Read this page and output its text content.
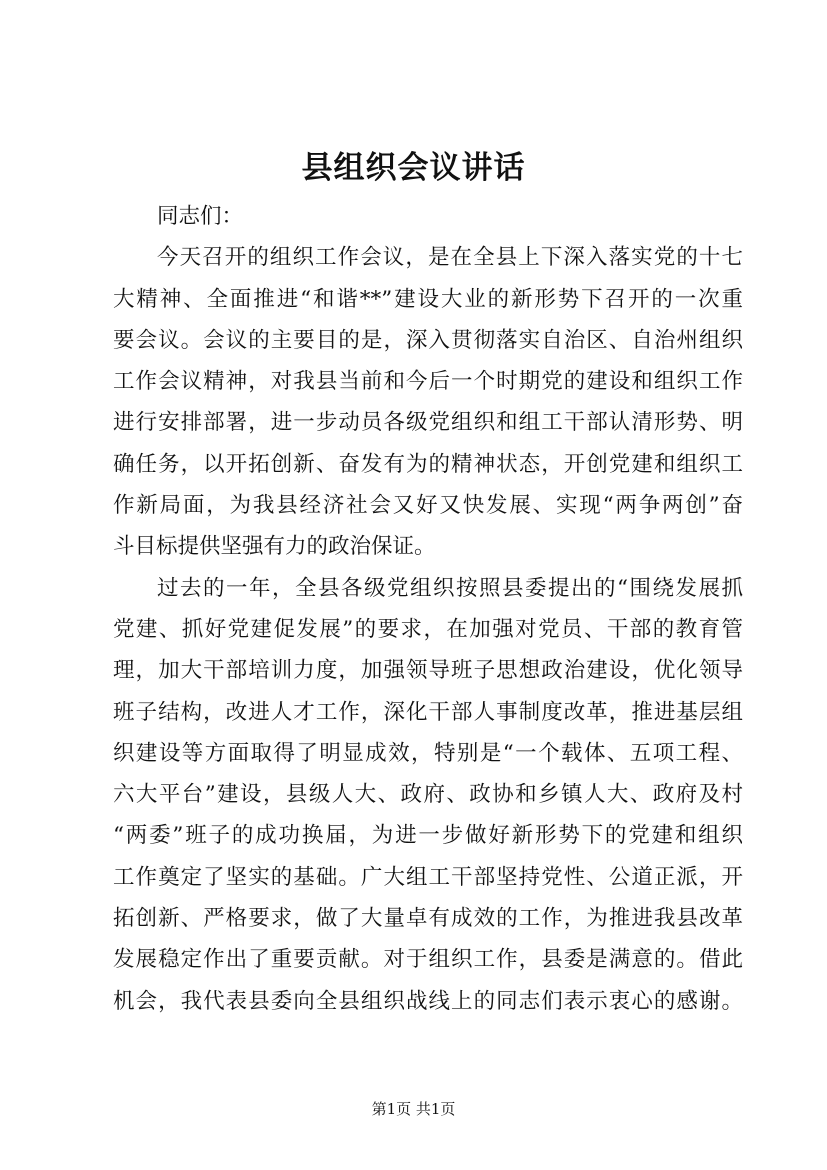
县组织会议讲话
同志们：
今天召开的组织工作会议，是在全县上下深入落实党的十七
大精神、全面推进“和谐**”建设大业的新形势下召开的一次重
要会议。会议的主要目的是，深入贯彻落实自治区、自治州组织
工作会议精神，对我县当前和今后一个时期党的建设和组织工作
进行安排部署，进一步动员各级党组织和组工干部认清形势、明
确任务，以开拓创新、奋发有为的精神状态，开创党建和组织工
作新局面，为我县经济社会又好又快发展、实现“两争两创”奋
斗目标提供坚强有力的政治保证。
过去的一年，全县各级党组织按照县委提出的“围绕发展抓
党建、抓好党建促发展”的要求，在加强对党员、干部的教育管
理，加大干部培训力度，加强领导班子思想政治建设，优化领导
班子结构，改进人才工作，深化干部人事制度改革，推进基层组
织建设等方面取得了明显成效，特别是“一个载体、五项工程、
六大平台”建设，县级人大、政府、政协和乡镇人大、政府及村
“两委”班子的成功换届，为进一步做好新形势下的党建和组织
工作奠定了坚实的基础。广大组工干部坚持党性、公道正派，开
拓创新、严格要求，做了大量卓有成效的工作，为推进我县改革
发展稳定作出了重要贡献。对于组织工作，县委是满意的。借此
机会，我代表县委向全县组织战线上的同志们表示衷心的感谢。
第1页 共1页
